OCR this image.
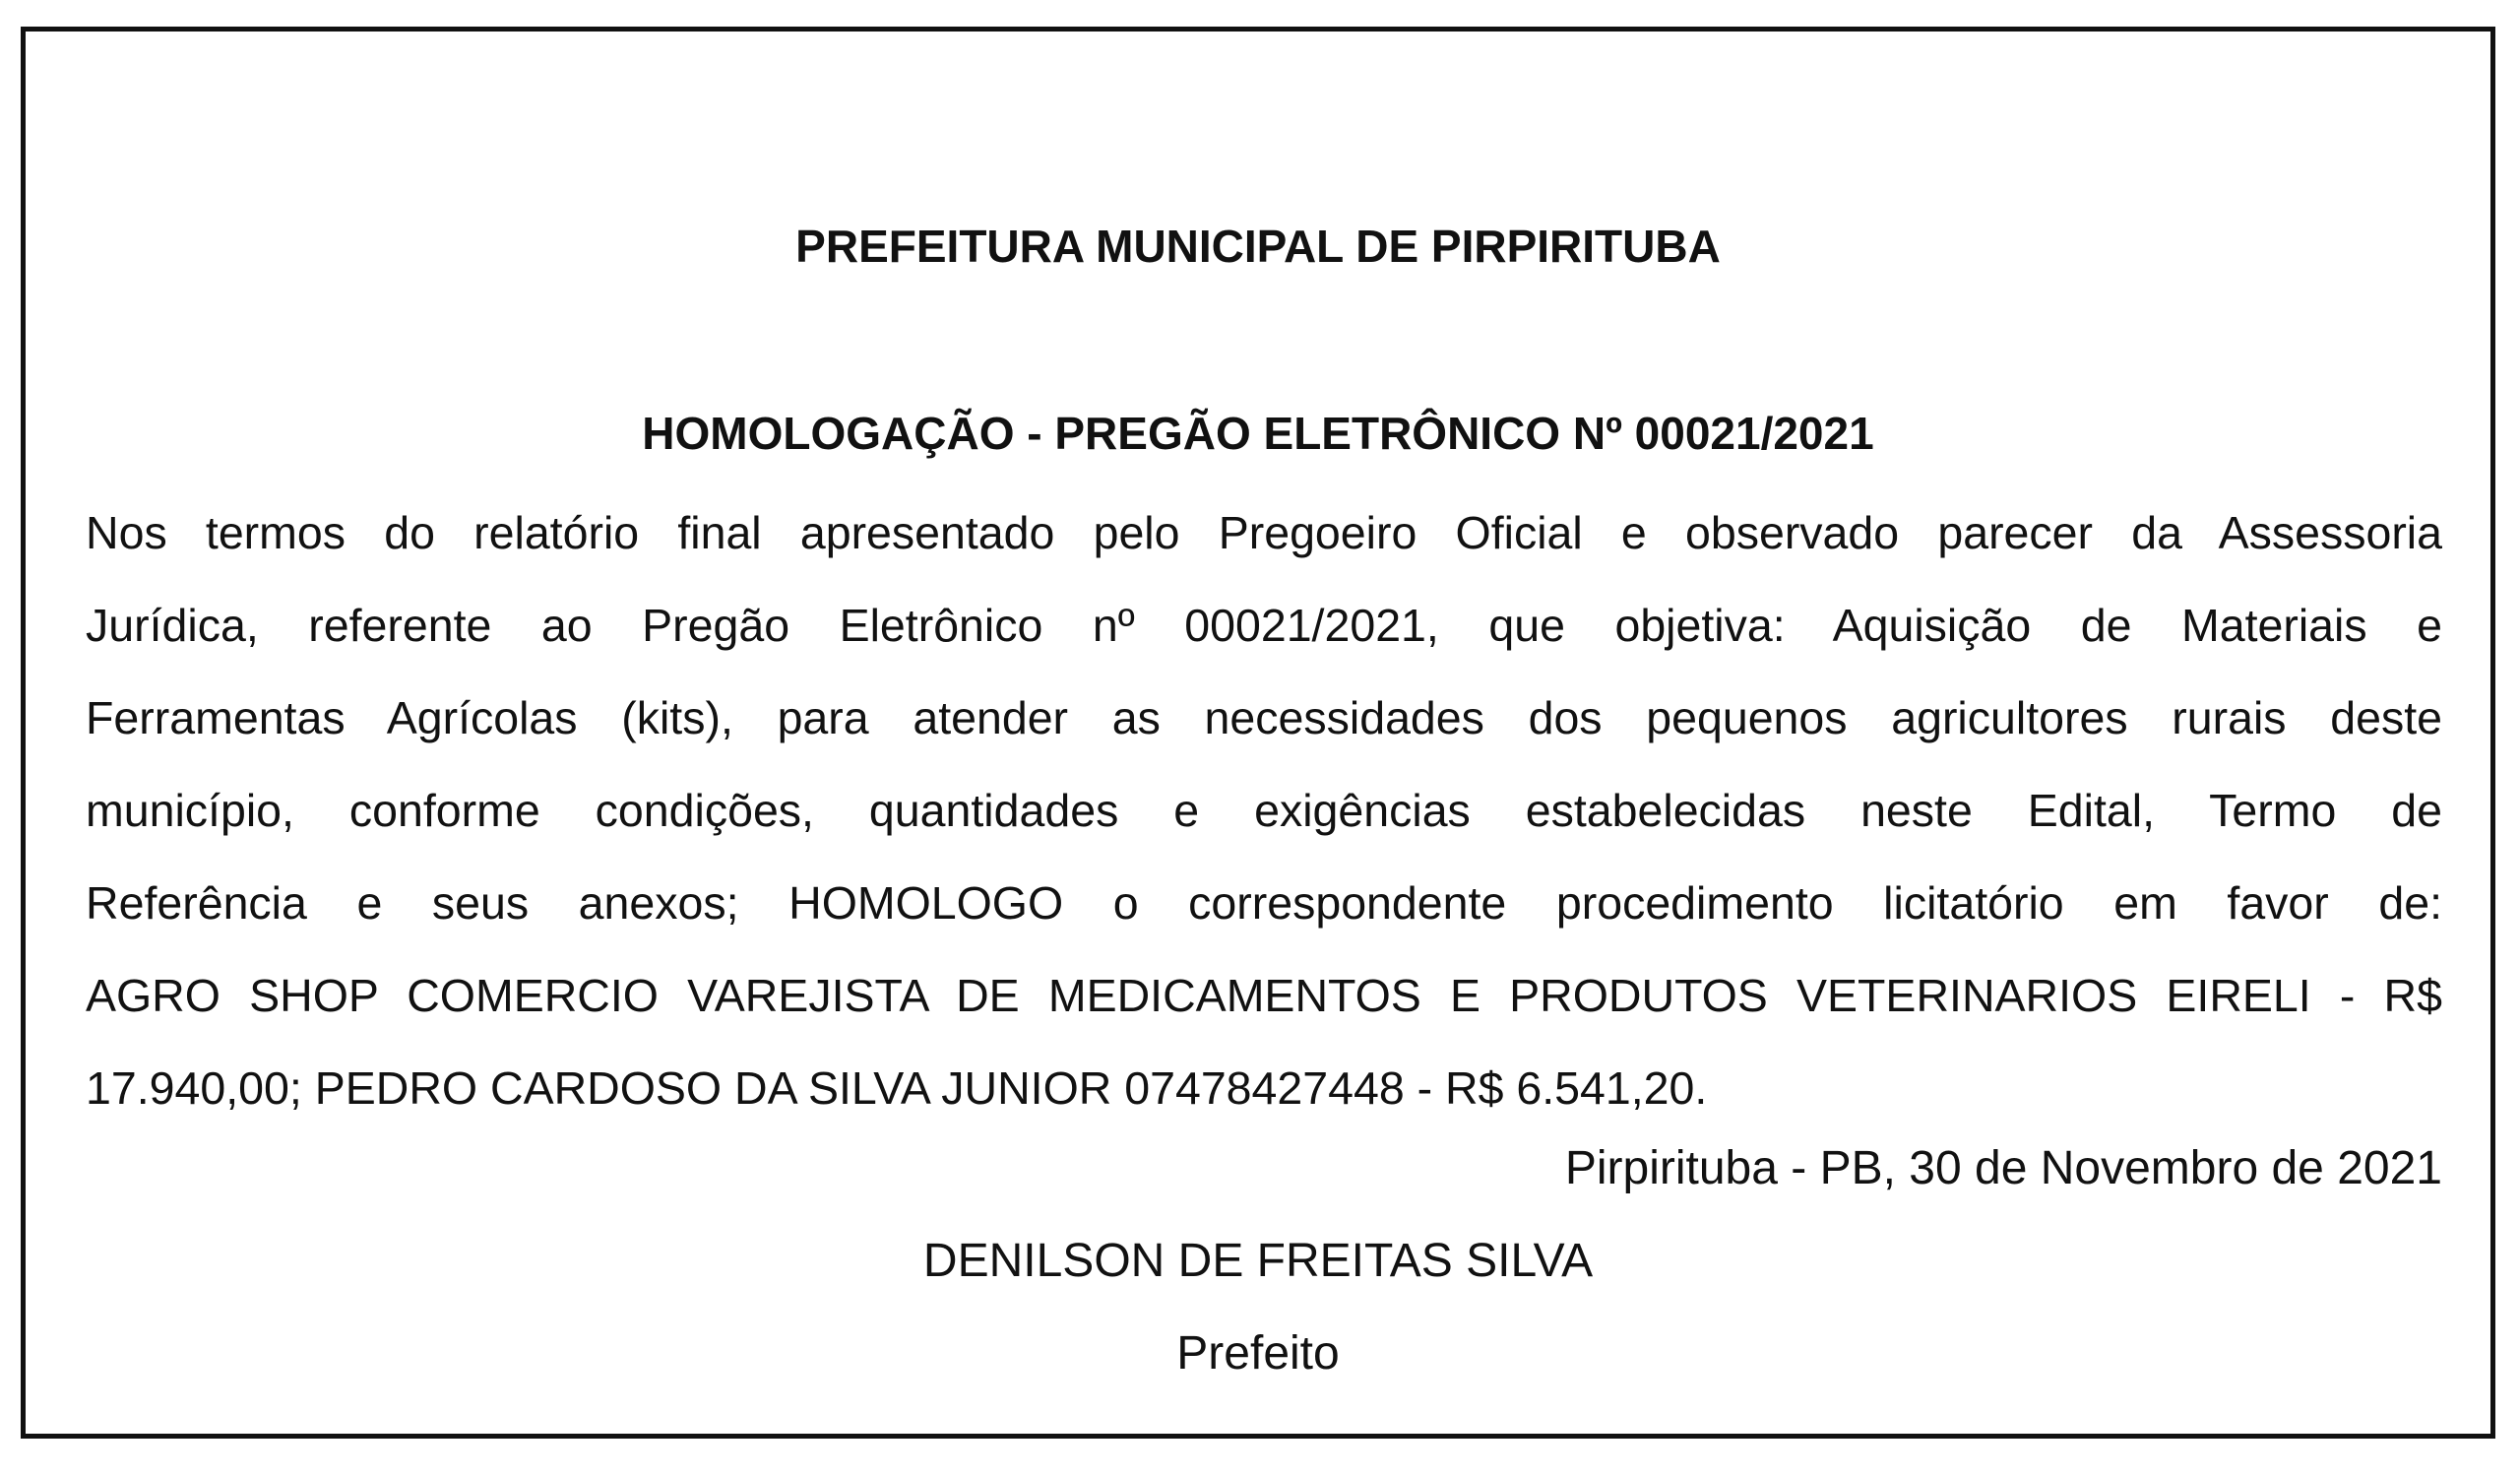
PREFEITURA MUNICIPAL DE PIRPIRITUBA
HOMOLOGAÇÃO - PREGÃO ELETRÔNICO Nº 00021/2021
Nos termos do relatório final apresentado pelo Pregoeiro Oficial e observado parecer da Assessoria
Jurídica, referente ao Pregão Eletrônico nº 00021/2021, que objetiva: Aquisição de Materiais e
Ferramentas Agrícolas (kits), para atender as necessidades dos pequenos agricultores rurais deste
município, conforme condições, quantidades e exigências estabelecidas neste Edital, Termo de
Referência e seus anexos; HOMOLOGO o correspondente procedimento licitatório em favor de:
AGRO SHOP COMERCIO VAREJISTA DE MEDICAMENTOS E PRODUTOS VETERINARIOS EIRELI - R$
17.940,00; PEDRO CARDOSO DA SILVA JUNIOR 07478427448 - R$ 6.541,20.
Pirpirituba - PB, 30 de Novembro de 2021
DENILSON DE FREITAS SILVA
Prefeito
